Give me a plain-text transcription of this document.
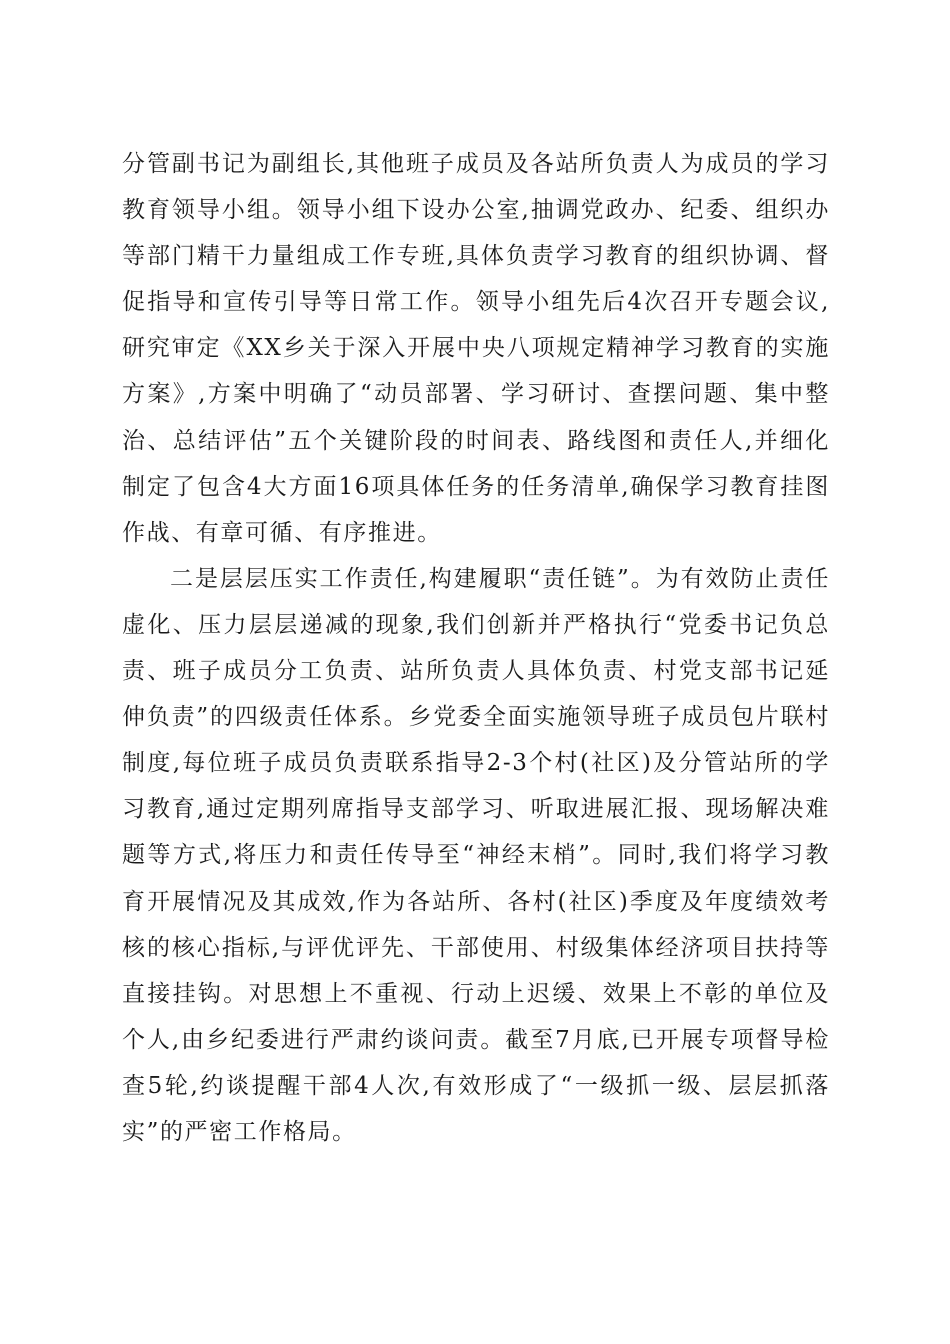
分管副书记为副组长,其他班子成员及各站所负责人为成员的学习教育领导小组。领导小组下设办公室,抽调党政办、纪委、组织办等部门精干力量组成工作专班,具体负责学习教育的组织协调、督促指导和宣传引导等日常工作。领导小组先后4次召开专题会议,研究审定《XX乡关于深入开展中央八项规定精神学习教育的实施方案》,方案中明确了“动员部署、学习研讨、查摆问题、集中整治、总结评估”五个关键阶段的时间表、路线图和责任人,并细化制定了包含4大方面16项具体任务的任务清单,确保学习教育挂图作战、有章可循、有序推进。

二是层层压实工作责任,构建履职“责任链”。为有效防止责任虚化、压力层层递减的现象,我们创新并严格执行“党委书记负总责、班子成员分工负责、站所负责人具体负责、村党支部书记延伸负责”的四级责任体系。乡党委全面实施领导班子成员包片联村制度,每位班子成员负责联系指导2-3个村(社区)及分管站所的学习教育,通过定期列席指导支部学习、听取进展汇报、现场解决难题等方式,将压力和责任传导至“神经末梢”。同时,我们将学习教育开展情况及其成效,作为各站所、各村(社区)季度及年度绩效考核的核心指标,与评优评先、干部使用、村级集体经济项目扶持等直接挂钩。对思想上不重视、行动上迟缓、效果上不彰的单位及个人,由乡纪委进行严肃约谈问责。截至7月底,已开展专项督导检查5轮,约谈提醒干部4人次,有效形成了“一级抓一级、层层抓落实”的严密工作格局。
